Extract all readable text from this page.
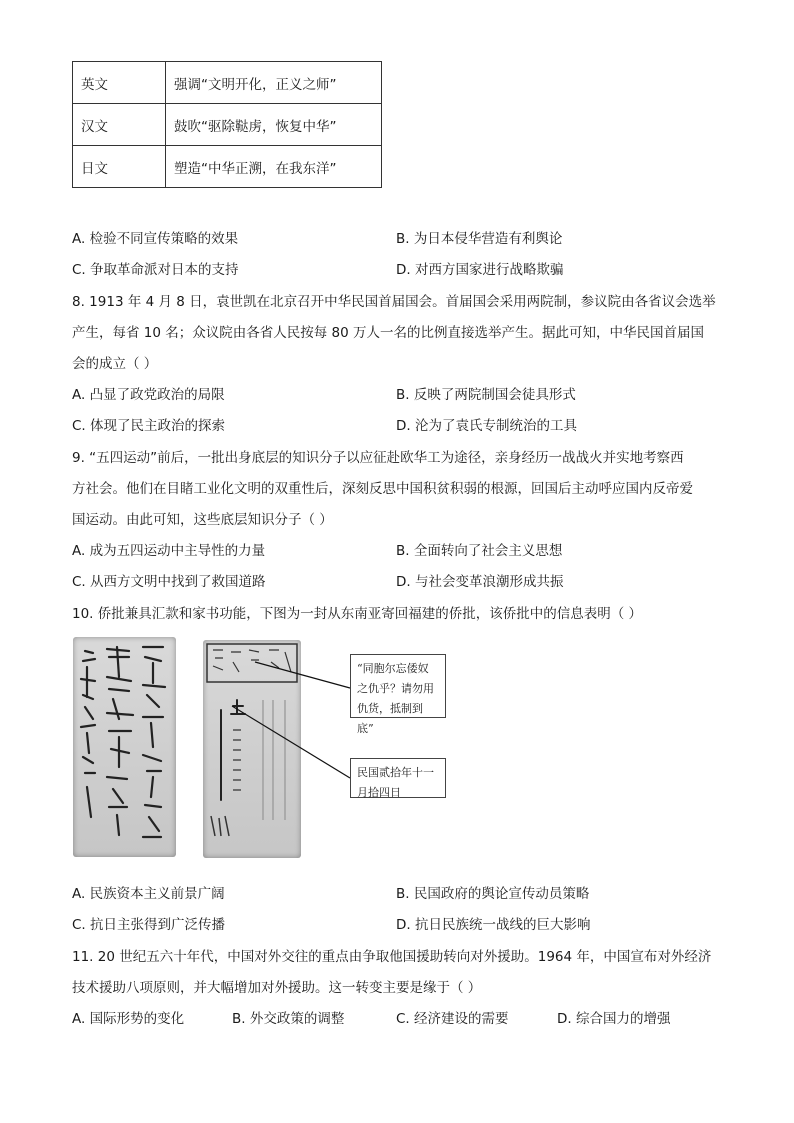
英文	强调“文明开化，正义之师”
汉文	鼓吹“驱除鞑虏，恢复中华”
日文	塑造“中华正溯，在我东洋”
A. 检验不同宣传策略的效果	B. 为日本侵华营造有利舆论
C. 争取革命派对日本的支持	D. 对西方国家进行战略欺骗
8. 1913 年 4 月 8 日，袁世凯在北京召开中华民国首届国会。首届国会采用两院制，参议院由各省议会选举
产生，每省 10 名；众议院由各省人民按每 80 万人一名的比例直接选举产生。据此可知，中华民国首届国
会的成立（ ）
A. 凸显了政党政治的局限	B. 反映了两院制国会徒具形式
C. 体现了民主政治的探索	D. 沦为了袁氏专制统治的工具
9. “五四运动”前后，一批出身底层的知识分子以应征赴欧华工为途径，亲身经历一战战火并实地考察西
方社会。他们在目睹工业化文明的双重性后，深刻反思中国积贫积弱的根源，回国后主动呼应国内反帝爱
国运动。由此可知，这些底层知识分子（ ）
A. 成为五四运动中主导性的力量	B. 全面转向了社会主义思想
C. 从西方文明中找到了救国道路	D. 与社会变革浪潮形成共振
10. 侨批兼具汇款和家书功能，下图为一封从东南亚寄回福建的侨批，该侨批中的信息表明（ ）
“同胞尔忘倭奴之仇乎？请勿用仇货，抵制到底”
民国贰拾年十一月拾四日
A. 民族资本主义前景广阔	B. 民国政府的舆论宣传动员策略
C. 抗日主张得到广泛传播	D. 抗日民族统一战线的巨大影响
11. 20 世纪五六十年代，中国对外交往的重点由争取他国援助转向对外援助。1964 年，中国宣布对外经济
技术援助八项原则，并大幅增加对外援助。这一转变主要是缘于（ ）
A. 国际形势的变化	B. 外交政策的调整	C. 经济建设的需要	D. 综合国力的增强
